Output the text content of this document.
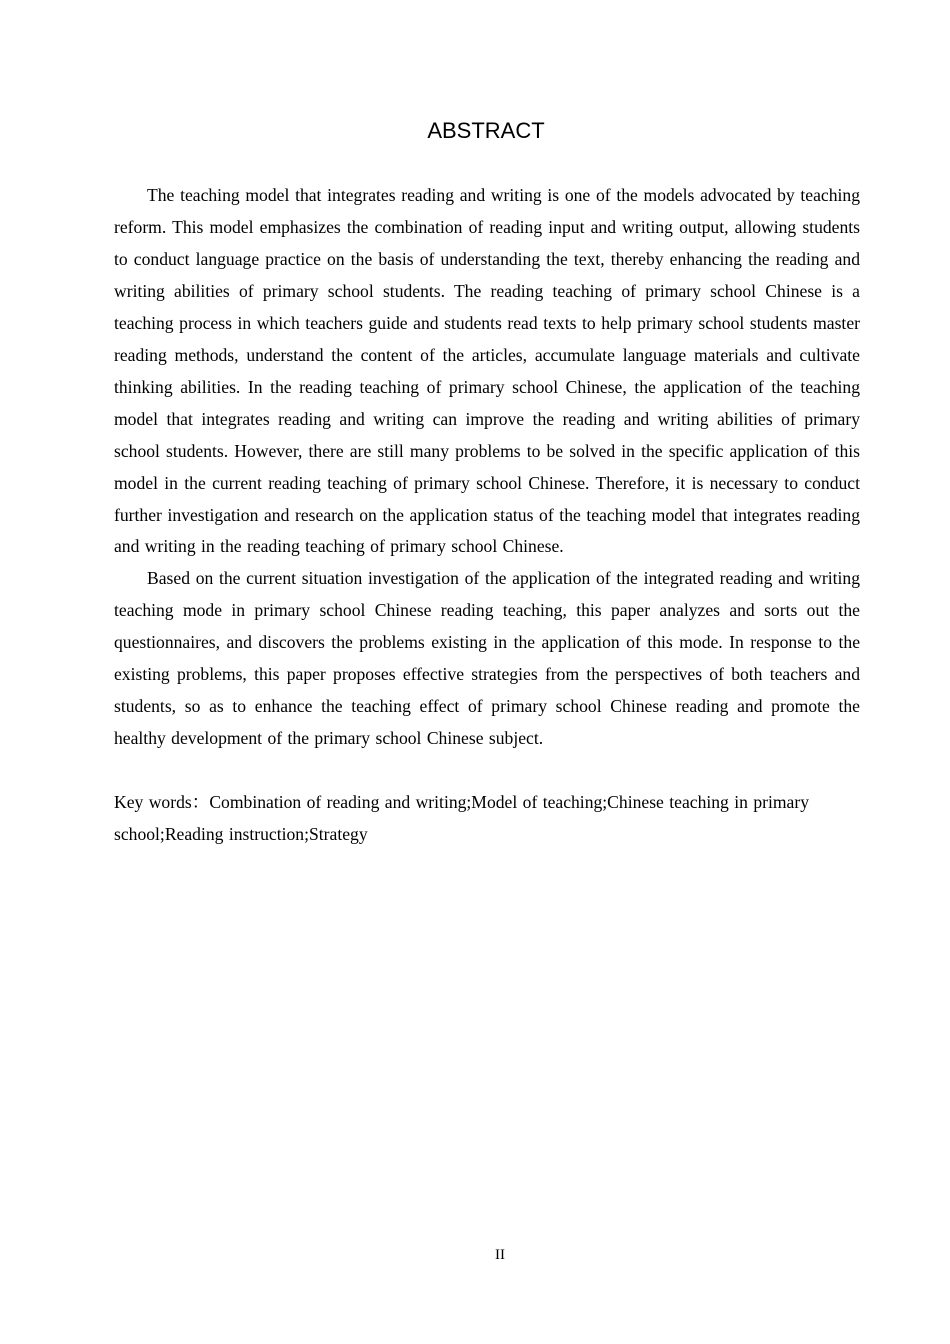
ABSTRACT

The teaching model that integrates reading and writing is one of the models advocated by teaching reform. This model emphasizes the combination of reading input and writing output, allowing students to conduct language practice on the basis of understanding the text, thereby enhancing the reading and writing abilities of primary school students. The reading teaching of primary school Chinese is a teaching process in which teachers guide and students read texts to help primary school students master reading methods, understand the content of the articles, accumulate language materials and cultivate thinking abilities. In the reading teaching of primary school Chinese, the application of the teaching model that integrates reading and writing can improve the reading and writing abilities of primary school students. However, there are still many problems to be solved in the specific application of this model in the current reading teaching of primary school Chinese. Therefore, it is necessary to conduct further investigation and research on the application status of the teaching model that integrates reading and writing in the reading teaching of primary school Chinese.

Based on the current situation investigation of the application of the integrated reading and writing teaching mode in primary school Chinese reading teaching, this paper analyzes and sorts out the questionnaires, and discovers the problems existing in the application of this mode. In response to the existing problems, this paper proposes effective strategies from the perspectives of both teachers and students, so as to enhance the teaching effect of primary school Chinese reading and promote the healthy development of the primary school Chinese subject.

Key words：Combination of reading and writing;Model of teaching;Chinese teaching in primary school;Reading instruction;Strategy

II
